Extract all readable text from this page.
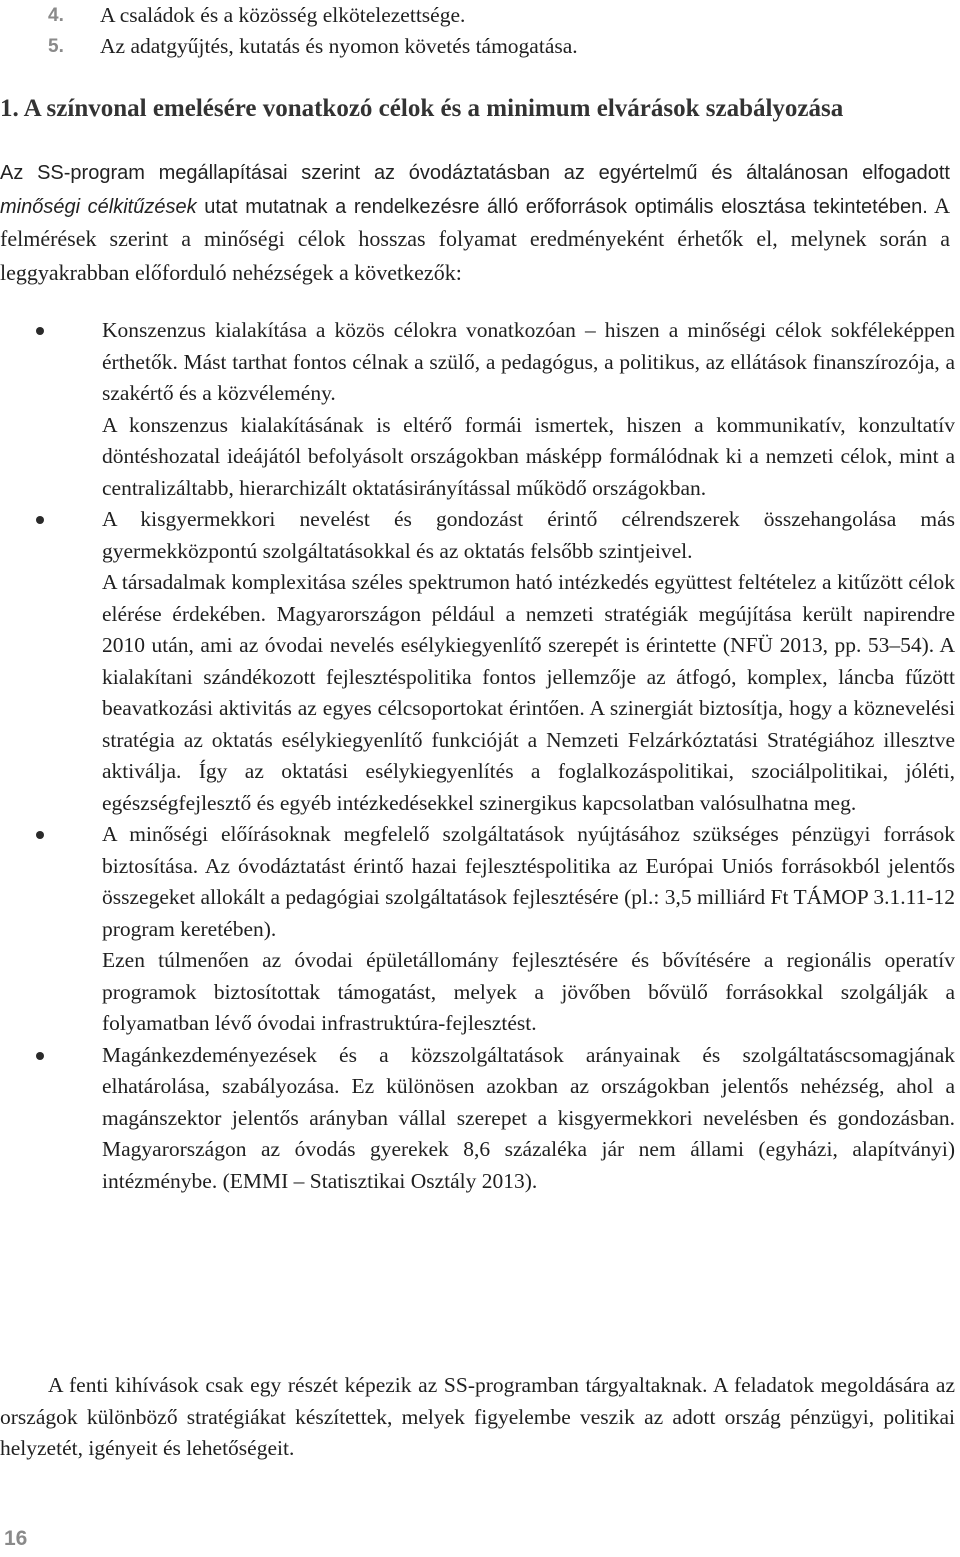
4.	A családok és a közösség elkötelezettsége.
5.	Az adatgyűjtés, kutatás és nyomon követés támogatása.
1. A színvonal emelésére vonatkozó célok és a minimum elvárások szabályozása

Az SS-program megállapításai szerint az óvodáztatásban az egyértelmű és általánosan elfogadott minőségi célkitűzések utat mutatnak a rendelkezésre álló erőforrások optimális elosztása tekintetében. A felmérések szerint a minőségi célok hosszas folyamat eredményeként érhetők el, melynek során a leggyakrabban előforduló nehézségek a következők:

Konszenzus kialakítása a közös célokra vonatkozóan – hiszen a minőségi célok sokféleképpen érthetők. Mást tarthat fontos célnak a szülő, a pedagógus, a politikus, az ellátások finanszírozója, a szakértő és a közvélemény.

A konszenzus kialakításának is eltérő formái ismertek, hiszen a kommunikatív, konzultatív döntéshozatal ideájától befolyásolt országokban másképp formálódnak ki a nemzeti célok, mint a centralizáltabb, hierarchizált oktatásirányítással működő országokban.

A kisgyermekkori nevelést és gondozást érintő célrendszerek összehangolása más gyermekközpontú szolgáltatásokkal és az oktatás felsőbb szintjeivel.

A társadalmak komplexitása széles spektrumon ható intézkedés együttest feltételez a kitűzött célok elérése érdekében. Magyarországon például a nemzeti stratégiák megújítása került napirendre 2010 után, ami az óvodai nevelés esélykiegyenlítő szerepét is érintette (NFÜ 2013, pp. 53–54). A kialakítani szándékozott fejlesztéspolitika fontos jellemzője az átfogó, komplex, láncba fűzött beavatkozási aktivitás az egyes célcsoportokat érintően. A szinergiát biztosítja, hogy a köznevelési stratégia az oktatás esélykiegyenlítő funkcióját a Nemzeti Felzárkóztatási Stratégiához illesztve aktiválja. Így az oktatási esélykiegyenlítés a foglalkozáspolitikai, szociálpolitikai, jóléti, egészségfejlesztő és egyéb intézkedésekkel szinergikus kapcsolatban valósulhatna meg.

A minőségi előírásoknak megfelelő szolgáltatások nyújtásához szükséges pénzügyi források biztosítása. Az óvodáztatást érintő hazai fejlesztéspolitika az Európai Uniós forrásokból jelentős összegeket allokált a pedagógiai szolgáltatások fejlesztésére (pl.: 3,5 milliárd Ft TÁMOP 3.1.11-12 program keretében).

Ezen túlmenően az óvodai épületállomány fejlesztésére és bővítésére a regionális operatív programok biztosítottak támogatást, melyek a jövőben bővülő forrásokkal szolgálják a folyamatban lévő óvodai infrastruktúra-fejlesztést.

Magánkezdeményezések és a közszolgáltatások arányainak és szolgáltatáscsomagjának elhatárolása, szabályozása. Ez különösen azokban az országokban jelentős nehézség, ahol a magánszektor jelentős arányban vállal szerepet a kisgyermekkori nevelésben és gondozásban. Magyarországon az óvodás gyerekek 8,6 százaléka jár nem állami (egyházi, alapítványi) intézménybe. (EMMI – Statisztikai Osztály 2013).

A fenti kihívások csak egy részét képezik az SS-programban tárgyaltaknak. A feladatok megoldására az országok különböző stratégiákat készítettek, melyek figyelembe veszik az adott ország pénzügyi, politikai helyzetét, igényeit és lehetőségeit.

16
